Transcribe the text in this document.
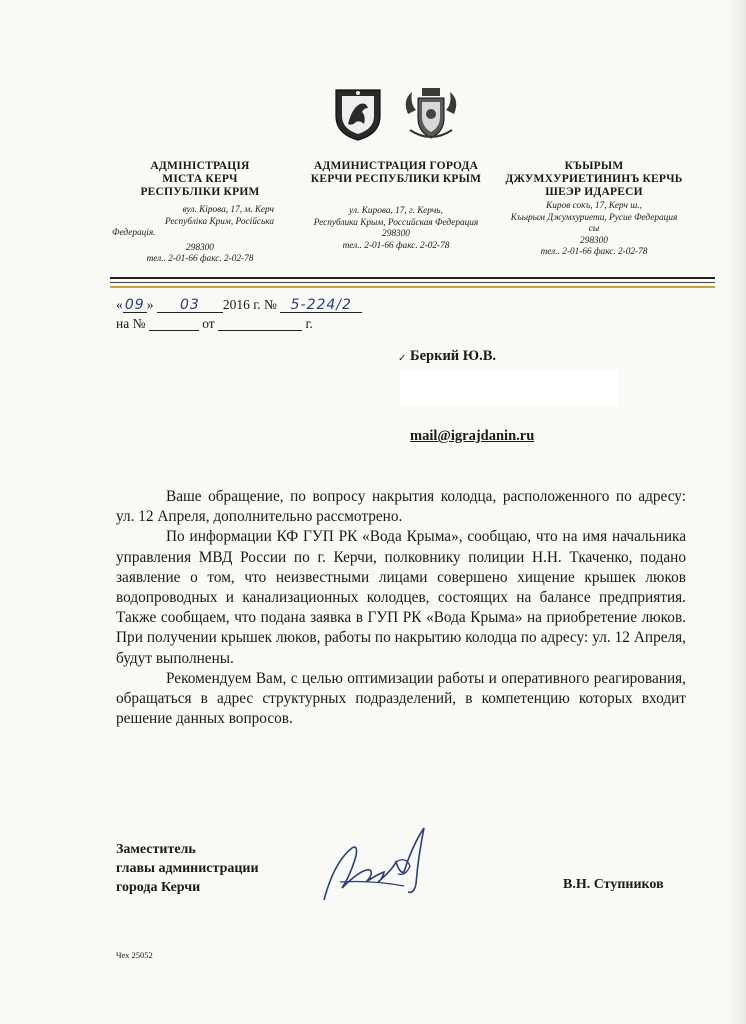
АДМІНІСТРАЦІЯ
МІСТА КЕРЧ
РЕСПУБЛІКИ КРИМ
вул. Кірова, 17, м. Керч
Республіка Крим, Російська
Федерація.
298300
тел.. 2-01-66 факс. 2-02-78
АДМИНИСТРАЦИЯ ГОРОДА
КЕРЧИ РЕСПУБЛИКИ КРЫМ
ул. Кирова, 17, г. Керчь,
Республика Крым, Российская Федерация
298300
тел.. 2-01-66 факс. 2-02-78
КЪЫРЫМ
ДЖУМХУРИЕТИНИНЪ КЕРЧЬ
ШЕЭР ИДАРЕСИ
Киров сокъ, 17, Керч ш.,
Къырым Джумхуриети, Русие Федерация
сы
298300
тел.. 2-01-66 факс. 2-02-78
« 09 » 03 2016 г. № 5-224/2
на №	от	г.
✓ Беркий Ю.В.
mail@igrajdanin.ru

Ваше обращение, по вопросу накрытия колодца, расположенного по адресу: ул. 12 Апреля, дополнительно рассмотрено.

По информации КФ ГУП РК «Вода Крыма», сообщаю, что на имя начальника управления МВД России по г. Керчи, полковнику полиции Н.Н. Ткаченко, подано заявление о том, что неизвестными лицами совершено хищение крышек люков водопроводных и канализационных колодцев, состоящих на балансе предприятия. Также сообщаем, что подана заявка в ГУП РК «Вода Крыма» на приобретение люков. При получении крышек люков, работы по накрытию колодца по адресу: ул. 12 Апреля, будут выполнены.

Рекомендуем Вам, с целью оптимизации работы и оперативного реагирования, обращаться в адрес структурных подразделений, в компетенцию которых входит решение данных вопросов.

Заместитель
главы администрации
города Керчи	В.Н. Ступников
Чех 25052
